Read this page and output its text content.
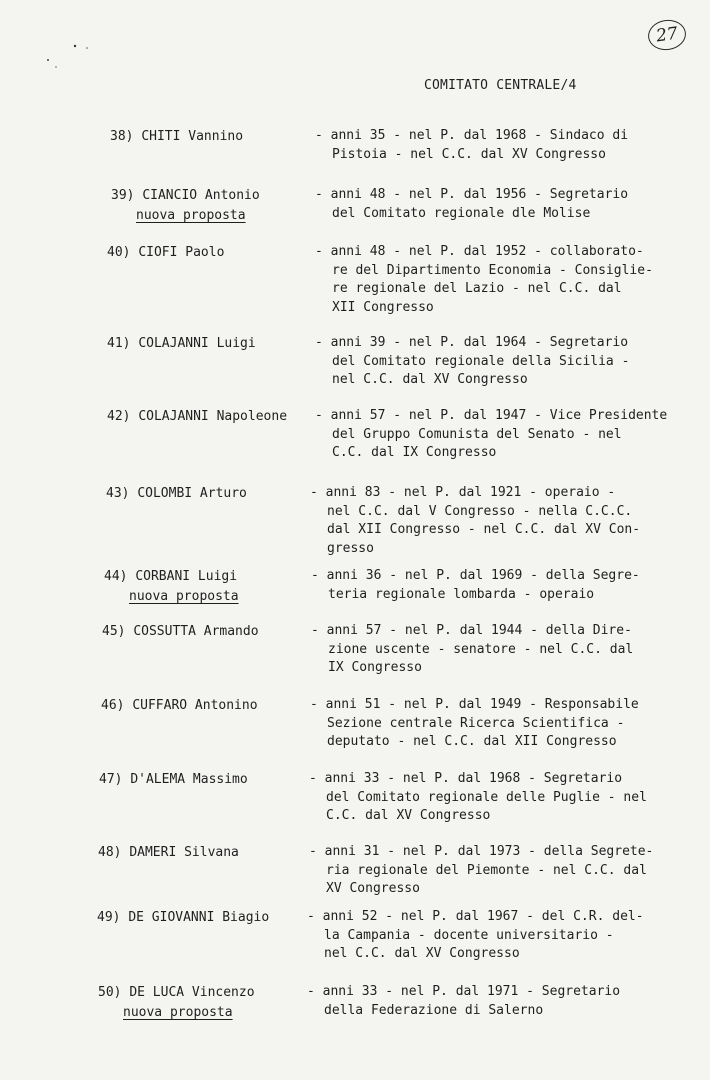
27
COMITATO CENTRALE/4
38) CHITI Vannino	- anni 35 - nel P. dal 1968 - Sindaco di
Pistoia - nel C.C. dal XV Congresso
39) CIANCIO Antonio
nuova proposta
- anni 48 - nel P. dal 1956 - Segretario
del Comitato regionale dle Molise
40) CIOFI Paolo	- anni 48 - nel P. dal 1952 - collaborato-
re del Dipartimento Economia - Consiglie-
re regionale del Lazio - nel C.C. dal
XII Congresso
41) COLAJANNI Luigi	- anni 39 - nel P. dal 1964 - Segretario
del Comitato regionale della Sicilia -
nel C.C. dal XV Congresso
42) COLAJANNI Napoleone - anni 57 - nel P. dal 1947 - Vice Presidente
del Gruppo Comunista del Senato - nel
C.C. dal IX Congresso
43) COLOMBI Arturo	- anni 83 - nel P. dal 1921 - operaio -
nel C.C. dal V Congresso - nella C.C.C.
dal XII Congresso - nel C.C. dal XV Con-
gresso
44) CORBANI Luigi
nuova proposta
- anni 36 - nel P. dal 1969 - della Segre-
teria regionale lombarda - operaio
45) COSSUTTA Armando	- anni 57 - nel P. dal 1944 - della Dire-
zione uscente - senatore - nel C.C. dal
IX Congresso
46) CUFFARO Antonino	- anni 51 - nel P. dal 1949 - Responsabile
Sezione centrale Ricerca Scientifica -
deputato - nel C.C. dal XII Congresso
47) D'ALEMA Massimo	- anni 33 - nel P. dal 1968 - Segretario
del Comitato regionale delle Puglie - nel
C.C. dal XV Congresso
48) DAMERI Silvana	- anni 31 - nel P. dal 1973 - della Segrete-
ria regionale del Piemonte - nel C.C. dal
XV Congresso
49) DE GIOVANNI Biagio	- anni 52 - nel P. dal 1967 - del C.R. del-
la Campania - docente universitario -
nel C.C. dal XV Congresso
50) DE LUCA Vincenzo
nuova proposta
- anni 33 - nel P. dal 1971 - Segretario
della Federazione di Salerno
